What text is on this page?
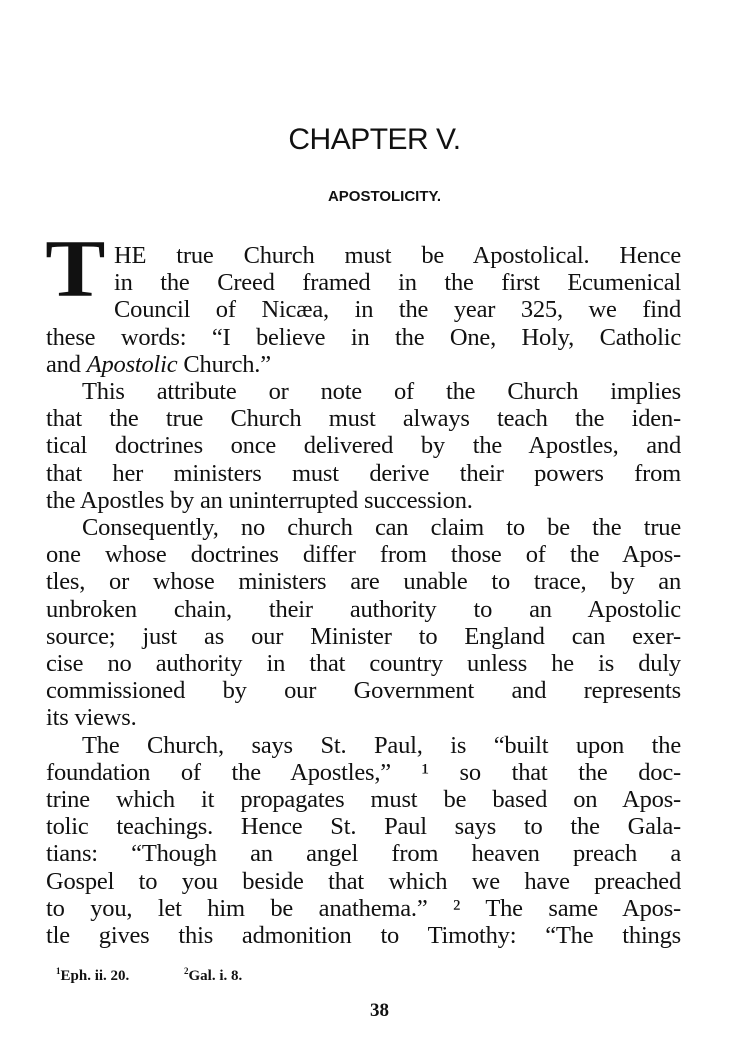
CHAPTER V.
APOSTOLICITY.
T HE true Church must be Apostolical. Hence
in the Creed framed in the first Ecumenical
Council of Nicæa, in the year 325, we find
these words: “I believe in the One, Holy, Catholic
and Apostolic Church.”
This attribute or note of the Church implies
that the true Church must always teach the iden-
tical doctrines once delivered by the Apostles, and
that her ministers must derive their powers from
the Apostles by an uninterrupted succession.
Consequently, no church can claim to be the true
one whose doctrines differ from those of the Apos-
tles, or whose ministers are unable to trace, by an
unbroken chain, their authority to an Apostolic
source; just as our Minister to England can exer-
cise no authority in that country unless he is duly
commissioned by our Government and represents
its views.
The Church, says St. Paul, is “built upon the
foundation of the Apostles,” ¹ so that the doc-
trine which it propagates must be based on Apos-
tolic teachings. Hence St. Paul says to the Gala-
tians: “Though an angel from heaven preach a
Gospel to you beside that which we have preached
to you, let him be anathema.” ² The same Apos-
tle gives this admonition to Timothy: “The things
$^1$Eph. ii. 20.	$^2$Gal. i. 8.
38
